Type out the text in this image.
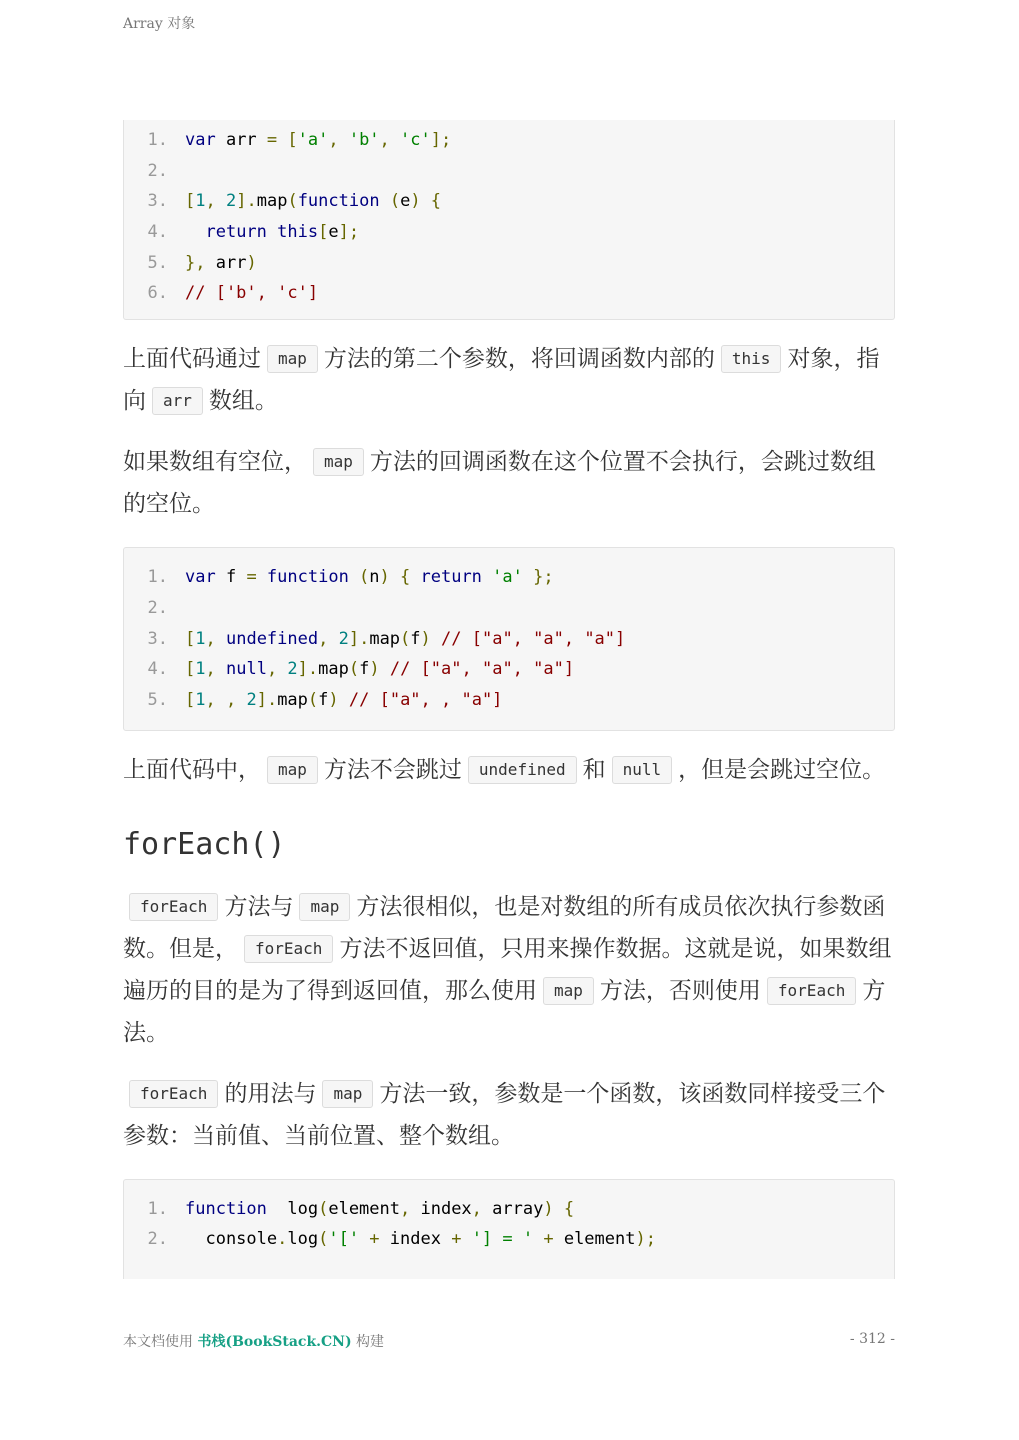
Array 对象
1. var arr = ['a', 'b', 'c'];
2.
3. [1, 2].map(function (e) {
4. return this[e];
5. }, arr)
6. // ['b', 'c']

上面代码通过 map 方法的第二个参数，将回调函数内部的 this 对象，指向 arr 数组。

如果数组有空位， map 方法的回调函数在这个位置不会执行，会跳过数组的空位。

1. var f = function (n) { return 'a' };
2.
3. [1, undefined, 2].map(f) // ["a", "a", "a"]
4. [1, null, 2].map(f) // ["a", "a", "a"]
5. [1, , 2].map(f) // ["a", , "a"]

上面代码中， map 方法不会跳过 undefined 和 null ，但是会跳过空位。

forEach()

forEach 方法与 map 方法很相似，也是对数组的所有成员依次执行参数函数。但是， forEach 方法不返回值，只用来操作数据。这就是说，如果数组遍历的目的是为了得到返回值，那么使用 map 方法，否则使用 forEach 方法。

forEach 的用法与 map 方法一致，参数是一个函数，该函数同样接受三个参数：当前值、当前位置、整个数组。

1. function  log(element, index, array) {
2.  console.log('[' + index + '] = ' + element);
本文档使用 书栈(BookStack.CN) 构建	- 312 -
